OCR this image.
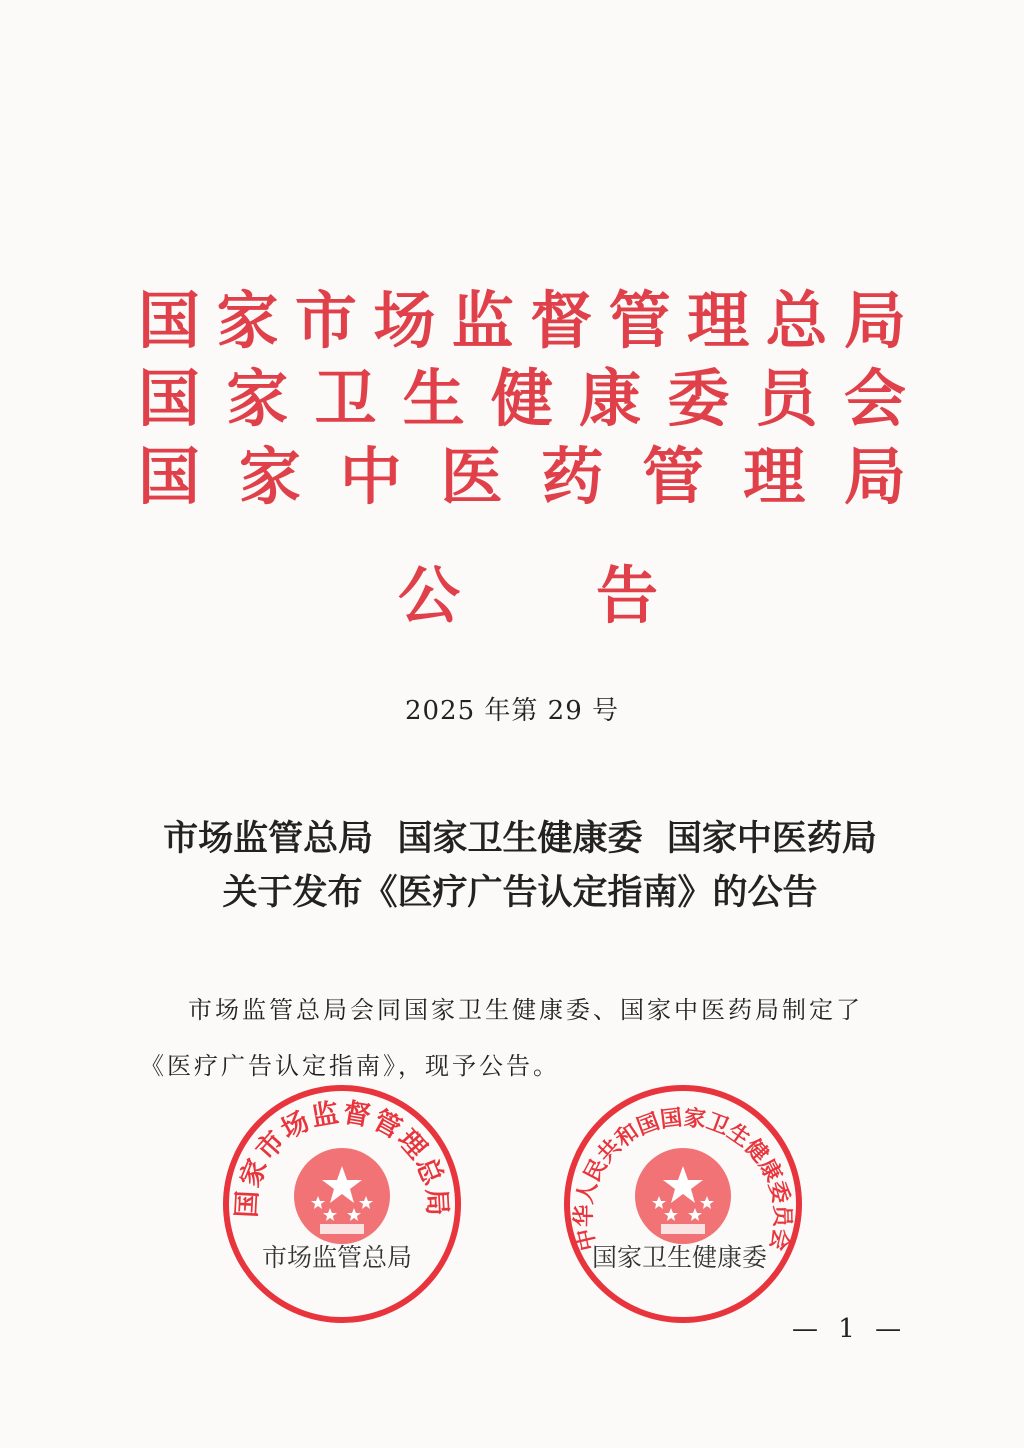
国 家 市 场 监 督 管 理 总 局
国 家 卫 生 健 康 委 员 会
国 家 中 医 药 管 理 局
公 告
2025 年第 29 号
市场监管总局  国家卫生健康委  国家中医药局
关于发布《医疗广告认定指南》的公告
市场监管总局会同国家卫生健康委、国家中医药局制定了
《医疗广告认定指南》，现予公告。
国家市场监督管理总局
市场监管总局
中华人民共和国国家卫生健康委员会
国家卫生健康委
— 1 —
